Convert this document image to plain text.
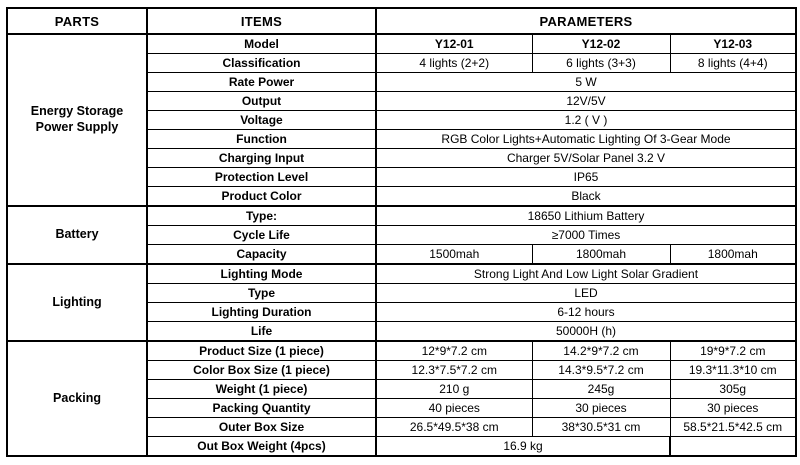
PARTS	ITEMS	PARAMETERS		
Energy Storage Power Supply	Model	Y12-01	Y12-02	Y12-03
	Classification	4 lights (2+2)	6 lights (3+3)	8 lights (4+4)
	Rate Power	5 W		
	Output	12V/5V		
	Voltage	1.2 ( V )		
	Function	RGB Color Lights+Automatic Lighting Of 3-Gear Mode		
	Charging Input	Charger 5V/Solar Panel 3.2 V		
	Protection Level	IP65		
	Product Color	Black		
Battery	Type:	18650 Lithium Battery		
	Cycle Life	≥7000 Times		
	Capacity	1500mah	1800mah	1800mah
Lighting	Lighting Mode	Strong Light And Low Light Solar Gradient		
	Type	LED		
	Lighting Duration	6-12 hours		
	Life	50000H (h)		
Packing	Product Size (1 piece)	12*9*7.2 cm	14.2*9*7.2 cm	19*9*7.2 cm
	Color Box Size (1 piece)	12.3*7.5*7.2 cm	14.3*9.5*7.2 cm	19.3*11.3*10 cm
	Weight (1 piece)	210 g	245g	305g
	Packing Quantity	40 pieces	30 pieces	30 pieces
	Outer Box Size	26.5*49.5*38 cm	38*30.5*31 cm	58.5*21.5*42.5 cm
	Out Box Weight (4pcs)	16.9 kg		
